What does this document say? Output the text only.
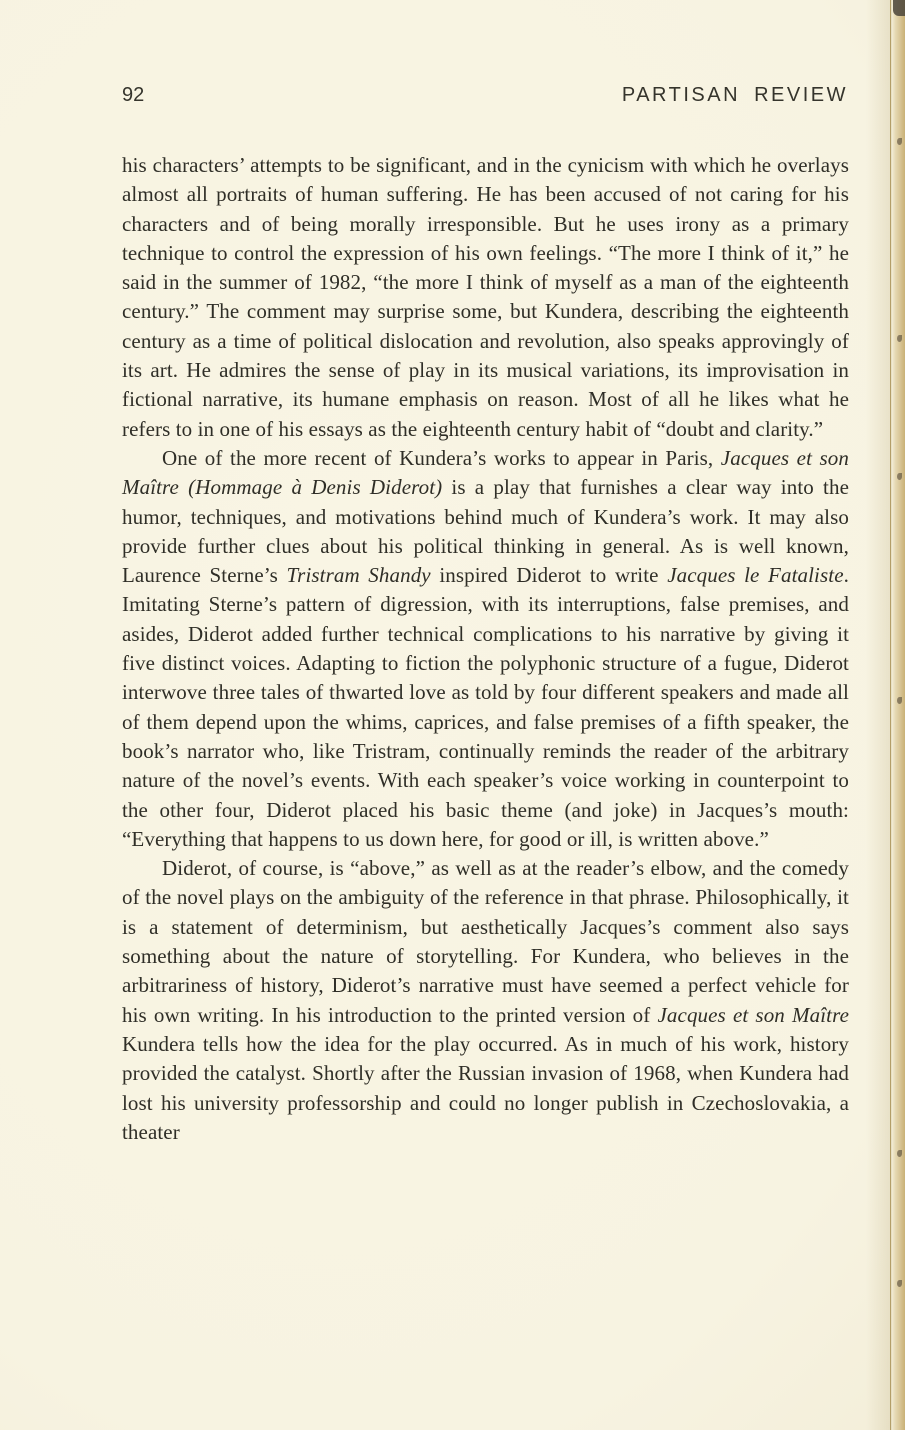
92	PARTISAN REVIEW

his characters’ attempts to be significant, and in the cynicism with which he overlays almost all portraits of human suffering. He has been accused of not caring for his characters and of being morally irresponsible. But he uses irony as a primary technique to control the expression of his own feelings. “The more I think of it,” he said in the summer of 1982, “the more I think of myself as a man of the eighteenth century.” The comment may surprise some, but Kundera, describing the eighteenth century as a time of political dislocation and revolution, also speaks approvingly of its art. He admires the sense of play in its musical variations, its improvisation in fictional narrative, its humane emphasis on reason. Most of all he likes what he refers to in one of his essays as the eighteenth century habit of “doubt and clarity.”

One of the more recent of Kundera’s works to appear in Paris, Jacques et son Maître (Hommage à Denis Diderot) is a play that furnishes a clear way into the humor, techniques, and motivations behind much of Kundera’s work. It may also provide further clues about his political thinking in general. As is well known, Laurence Sterne’s Tristram Shandy inspired Diderot to write Jacques le Fataliste. Imitating Sterne’s pattern of digression, with its interruptions, false premises, and asides, Diderot added further technical complications to his narrative by giving it five distinct voices. Adapting to fiction the polyphonic structure of a fugue, Diderot interwove three tales of thwarted love as told by four different speakers and made all of them depend upon the whims, caprices, and false premises of a fifth speaker, the book’s narrator who, like Tristram, continually reminds the reader of the arbitrary nature of the novel’s events. With each speaker’s voice working in counterpoint to the other four, Diderot placed his basic theme (and joke) in Jacques’s mouth: “Everything that happens to us down here, for good or ill, is written above.”

Diderot, of course, is “above,” as well as at the reader’s elbow, and the comedy of the novel plays on the ambiguity of the reference in that phrase. Philosophically, it is a statement of determinism, but aesthetically Jacques’s comment also says something about the nature of storytelling. For Kundera, who believes in the arbitrariness of history, Diderot’s narrative must have seemed a perfect vehicle for his own writing. In his introduction to the printed version of Jacques et son Maître Kundera tells how the idea for the play occurred. As in much of his work, history provided the catalyst. Shortly after the Russian invasion of 1968, when Kundera had lost his university professorship and could no longer publish in Czechoslovakia, a theater
